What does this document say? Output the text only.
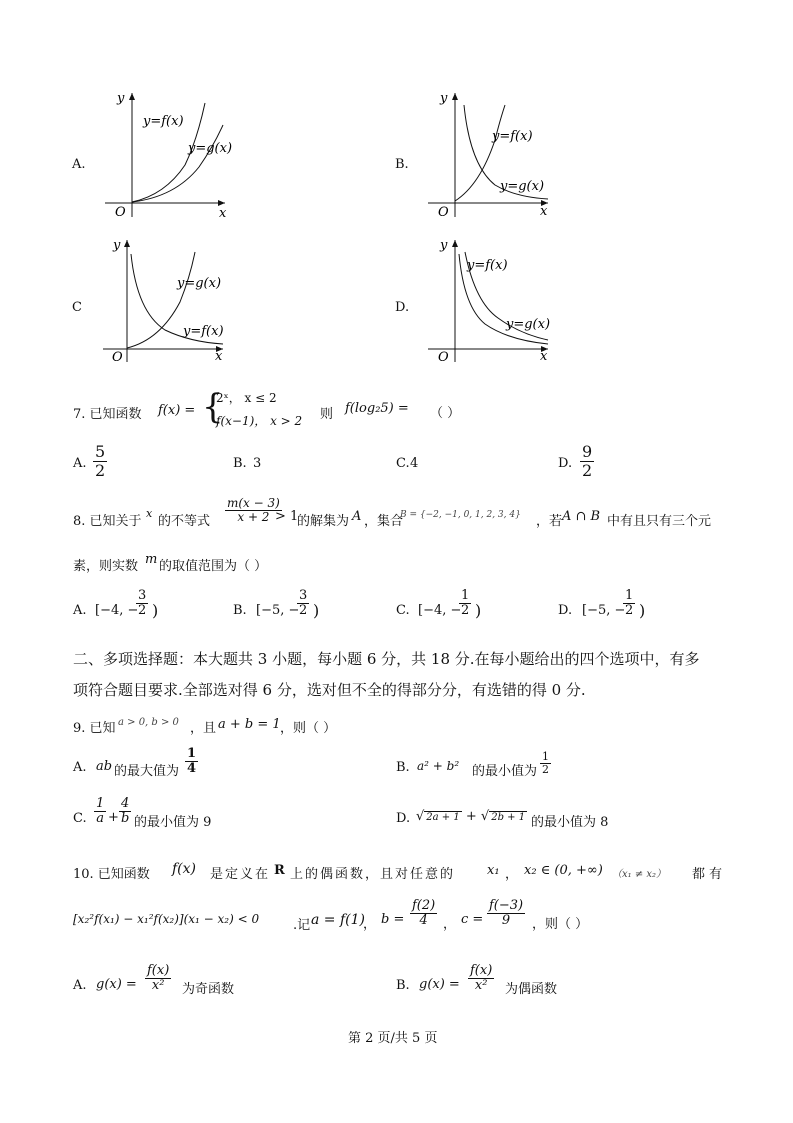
A.
y
x
O
y=f(x)
y=g(x)
B.
y
x
O
y=f(x)
y=g(x)
C
y
x
O
y=g(x)
y=f(x)
D.
y
x
O
y=f(x)
y=g(x)
7. 已知函数 f(x) = {
2ˣ， x ≤ 2
f(x−1)， x > 2 则 f(log₂5) = （ ）
A. $\frac{5}{2}$	B. 3	C. 4	D. $\frac{9}{2}$
8. 已知关于
x
的不等式 $\frac{m(x - 3)}{x + 2}$
> 1
的解集为 A ，集合
B = {−2, −1, 0, 1, 2, 3, 4} ，若 A ∩ B 中有且只有三个元
素，则实数 m 的取值范围为（ ）
A. [−4, −
$\frac{3}{2}$ )	B. [−5, −
$\frac{3}{2}$ )	C. [−4, −
$\frac{1}{2}$ )	D. [−5, −
$\frac{1}{2}$ )
二、多项选择题：本大题共 3 小题，每小题 6 分，共 18 分.在每小题给出的四个选项中，有多
项符合题目要求.全部选对得 6 分，选对但不全的得部分分，有选错的得 0 分.
9. 已知 a > 0, b > 0 ，且 a + b = 1 ，则（ ）
A. ab 的最大值为 $\frac{1}{4}$	B. a² + b² 的最小值为 $\frac{1}{2}$
C. $\frac{1}{a} + \frac{4}{b}$ 的最小值为 9	D. √ 2a + 1 + √ 2b + 1 的最小值为 8
10. 已知函数 f(x) 是定义在 R 上的偶函数，且对任意的 x₁ ， x₂ ∈ (0, +∞) （x₁ ≠ x₂） 都有
[x₂²f(x₁) − x₁²f(x₂)](x₁ − x₂) < 0	.记 a = f(1)
， $b = \frac{f(2)}{4}$ ， $c = \frac{f(-3)}{9}$ ，则（ ）
A. $g(x) = \frac{f(x)}{\text{x²}}$ 为奇函数	B. $g(x) = \frac{f(x)}{\text{x²}}$ 为偶函数
第 2 页/共 5 页
